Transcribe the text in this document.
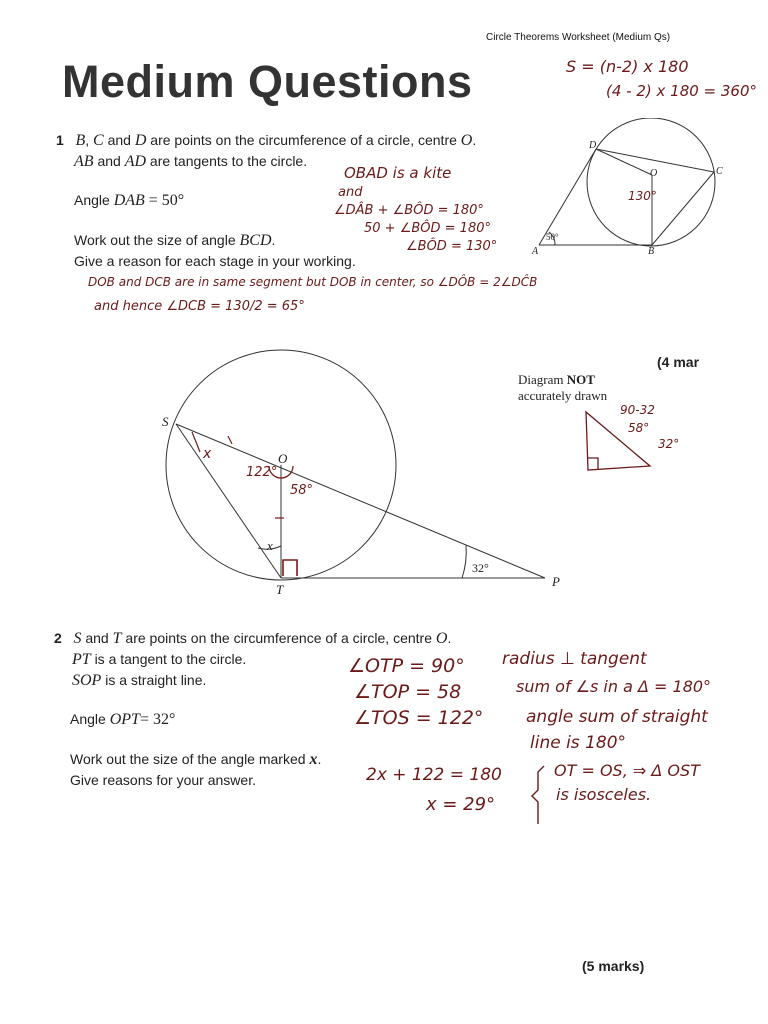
Circle Theorems Worksheet (Medium Qs)
Medium Questions	S = (n-2) x 180
(4 - 2) x 180 = 360°
1 B, C and D are points on the circumference of a circle, centre O.
AB and AD are tangents to the circle.
Angle DAB = 50°
Work out the size of angle BCD.
Give a reason for each stage in your working.
OBAD is a kite
and
∠DÂB + ∠BÔD = 180°
50 + ∠BÔD = 180°
∠BÔD = 130°
D
O	C
A	B
50°
130°
DOB and DCB are in same segment but DOB in center, so ∠DÔB = 2∠DĈB
and hence ∠DCB = 130/2 = 65°
(4 mar
Diagram NOT
accurately drawn
90-32
58°
32°
S
O
T
P
x
32°
122°
58°
x
2 S and T are points on the circumference of a circle, centre O.
PT is a tangent to the circle.
SOP is a straight line.
Angle OPT= 32°
Work out the size of the angle marked x.
Give reasons for your answer.
∠OTP = 90°
∠TOP = 58
∠TOS = 122°
radius ⊥ tangent
sum of ∠s in a Δ = 180°
angle sum of straight
line is 180°
2x + 122 = 180
x = 29°
OT = OS, ⇒ Δ OST
is isosceles.
(5 marks)
